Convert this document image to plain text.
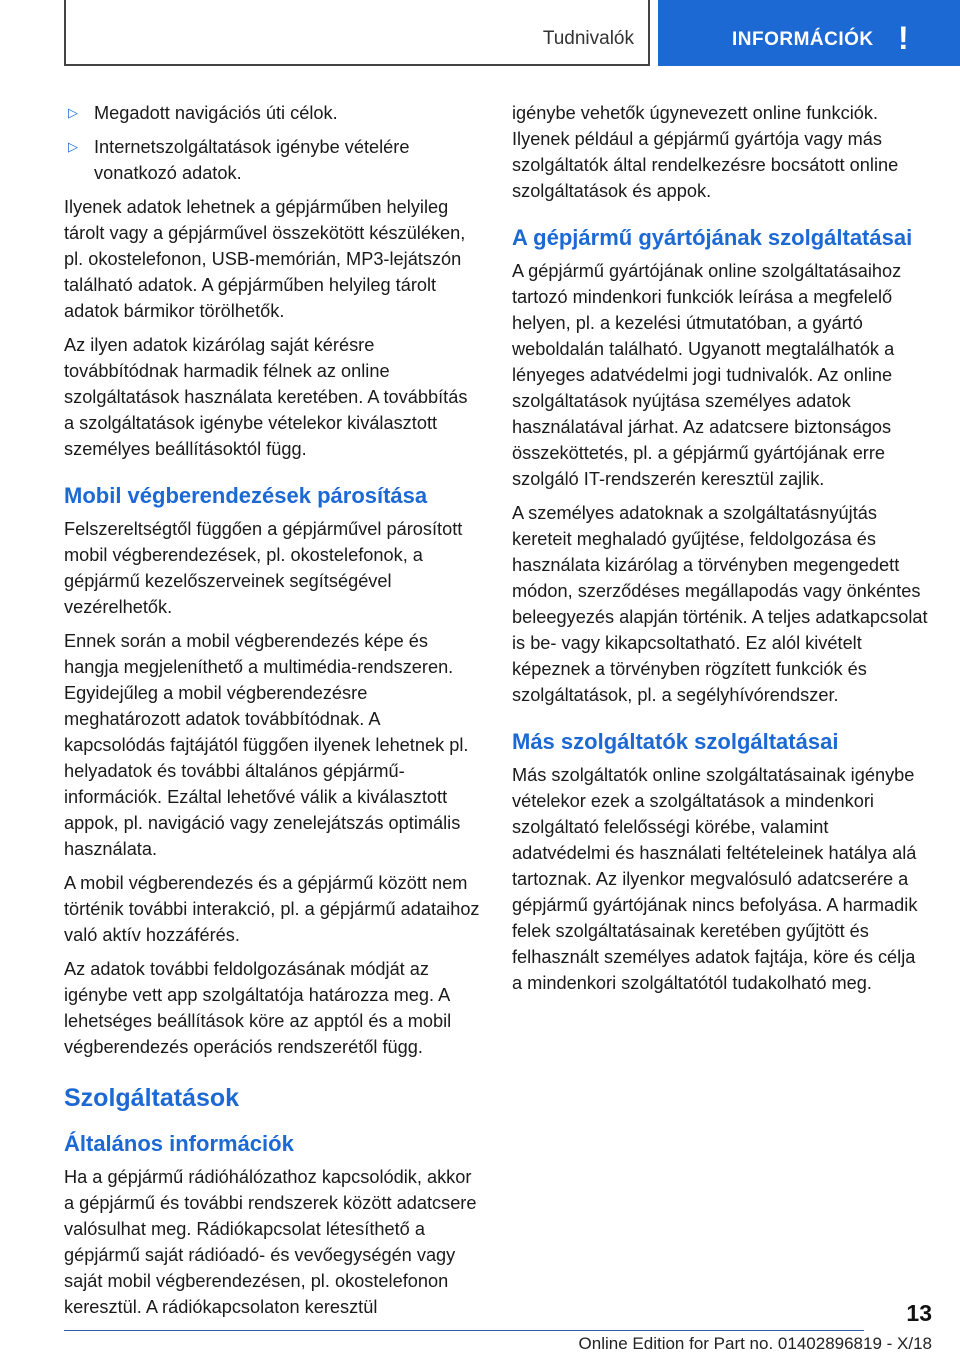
Tudnivalók	INFORMÁCIÓK !
▷ Megadott navigációs úti célok.
▷ Internetszolgáltatások igénybe vételére vonatkozó adatok.

Ilyenek adatok lehetnek a gépjárműben helyileg tárolt vagy a gépjárművel összekötött készüléken, pl. okostelefonon, USB-memórián, MP3-lejátszón található adatok. A gépjárműben helyileg tárolt adatok bármikor törölhetők.

Az ilyen adatok kizárólag saját kérésre továbbítódnak harmadik félnek az online szolgáltatások használata keretében. A továbbítás a szolgáltatások igénybe vételekor kiválasztott személyes beállításoktól függ.

Mobil végberendezések párosítása

Felszereltségtől függően a gépjárművel párosított mobil végberendezések, pl. okostelefonok, a gépjármű kezelőszerveinek segítségével vezérelhetők.

Ennek során a mobil végberendezés képe és hangja megjeleníthető a multimédia-rendszeren. Egyidejűleg a mobil végberendezésre meghatározott adatok továbbítódnak. A kapcsolódás fajtájától függően ilyenek lehetnek pl. helyadatok és további általános gépjármű-információk. Ezáltal lehetővé válik a kiválasztott appok, pl. navigáció vagy zenelejátszás optimális használata.

A mobil végberendezés és a gépjármű között nem történik további interakció, pl. a gépjármű adataihoz való aktív hozzáférés.

Az adatok további feldolgozásának módját az igénybe vett app szolgáltatója határozza meg. A lehetséges beállítások köre az apptól és a mobil végberendezés operációs rendszerétől függ.

Szolgáltatások
Általános információk

Ha a gépjármű rádióhálózathoz kapcsolódik, akkor a gépjármű és további rendszerek között adatcsere valósulhat meg. Rádiókapcsolat létesíthető a gépjármű saját rádióadó- és vevőegységén vagy saját mobil végberendezésen, pl. okostelefonon keresztül. A rádiókapcsolaton keresztül

igénybe vehetők úgynevezett online funkciók. Ilyenek például a gépjármű gyártója vagy más szolgáltatók által rendelkezésre bocsátott online szolgáltatások és appok.

A gépjármű gyártójának szolgáltatásai

A gépjármű gyártójának online szolgáltatásaihoz tartozó mindenkori funkciók leírása a megfelelő helyen, pl. a kezelési útmutatóban, a gyártó weboldalán található. Ugyanott megtalálhatók a lényeges adatvédelmi jogi tudnivalók. Az online szolgáltatások nyújtása személyes adatok használatával járhat. Az adatcsere biztonságos összeköttetés, pl. a gépjármű gyártójának erre szolgáló IT-rendszerén keresztül zajlik.

A személyes adatoknak a szolgáltatásnyújtás kereteit meghaladó gyűjtése, feldolgozása és használata kizárólag a törvényben megengedett módon, szerződéses megállapodás vagy önkéntes beleegyezés alapján történik. A teljes adatkapcsolat is be- vagy kikapcsoltatható. Ez alól kivételt képeznek a törvényben rögzített funkciók és szolgáltatások, pl. a segélyhívórendszer.

Más szolgáltatók szolgáltatásai

Más szolgáltatók online szolgáltatásainak igénybe vételekor ezek a szolgáltatások a mindenkori szolgáltató felelősségi körébe, valamint adatvédelmi és használati feltételeinek hatálya alá tartoznak. Az ilyenkor megvalósuló adatcserére a gépjármű gyártójának nincs befolyása. A harmadik felek szolgáltatásainak keretében gyűjtött és felhasznált személyes adatok fajtája, köre és célja a mindenkori szolgáltatótól tudakolható meg.

13
Online Edition for Part no. 01402896819 - X/18
